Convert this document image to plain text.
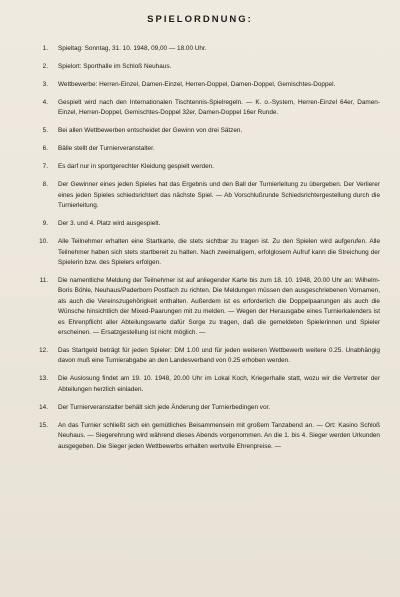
SPIELORDNUNG:
1.	Spieltag: Sonntag, 31. 10. 1948, 09,00 — 18.00 Uhr.
2.	Spielort: Sporthalle im Schloß Neuhaus.
3.	Wettbewerbe: Herren-Einzel, Damen-Einzel, Herren-Doppel, Damen-Doppel, Gemischtes-Doppel.
4.	Gespielt wird nach den Internationalen Tischtennis-Spielregeln. — K. o.-System, Herren-Einzel 64er, Damen-Einzel, Herren-Doppel, Gemischtes-Doppel 32er, Damen-Doppel 16er Runde.
5.	Bei allen Wettbewerben entscheidet der Gewinn von drei Sätzen.
6.	Bälle stellt der Turnierveranstalter.
7.	Es darf nur in sportgerechter Kleidung gespielt werden.
8.	Der Gewinner eines jeden Spieles hat das Ergebnis und den Ball der Turnierleitung zu übergeben. Der Verlierer eines jeden Spieles schiedsrichtert das nächste Spiel. — Ab Vorschlußrunde Schiedsrichtergestellung durch die Turnierleitung.
9.	Der 3. und 4. Platz wird ausgespielt.
10.	Alle Teilnehmer erhalten eine Startkarte, die stets sichtbar zu tragen ist. Zu den Spielen wird aufgerufen. Alle Teilnehmer haben sich stets startbereit zu halten. Nach zweimaligem, erfolglosem Aufruf kann die Streichung der Spielerin bzw. des Spielers erfolgen.
11.	Die namentliche Meldung der Teilnehmer ist auf anliegender Karte bis zum 18. 10. 1948, 20.00 Uhr an: Wilhelm-Boris Böhle, Neuhaus/Paderborn Postfach zu richten. Die Meldungen müssen den ausgeschriebenen Vornamen, als auch die Vereinszugehörigkeit enthalten. Außerdem ist es erforderlich die Doppelpaarungen als auch die Wünsche hinsichtlich der Mixed-Paarungen mit zu melden. — Wegen der Herausgabe eines Turnierkalenders ist es Ehrenpflicht aller Abteilungswarte dafür Sorge zu tragen, daß die gemeldeten Spielerinnen und Spieler erscheinen. — Ersatzgestellung ist nicht möglich. —
12.	Das Startgeld beträgt für jeden Spieler: DM 1.00 und für jeden weiteren Wettbewerb weitere 0.25. Unabhängig davon muß eine Turnierabgabe an den Landesverband von 0.25 erhoben werden.
13.	Die Auslosung findet am 19. 10. 1948, 20.00 Uhr im Lokal Koch, Kriegerhalle statt, wozu wir die Vertreter der Abteilungen herzlich einladen.
14.	Der Turnierveranstalter behält sich jede Änderung der Turnierbedingen vor.
15.	An das Turnier schließt sich ein gemütliches Beisammensein mit großem Tanzabend an. — Ort: Kasino Schloß Neuhaus. — Siegerehrung wird während dieses Abends vorgenommen. An die 1. bis 4. Sieger werden Urkunden ausgegeben. Die Sieger jeden Wettbewerbs erhalten wertvolle Ehrenpreise. —
